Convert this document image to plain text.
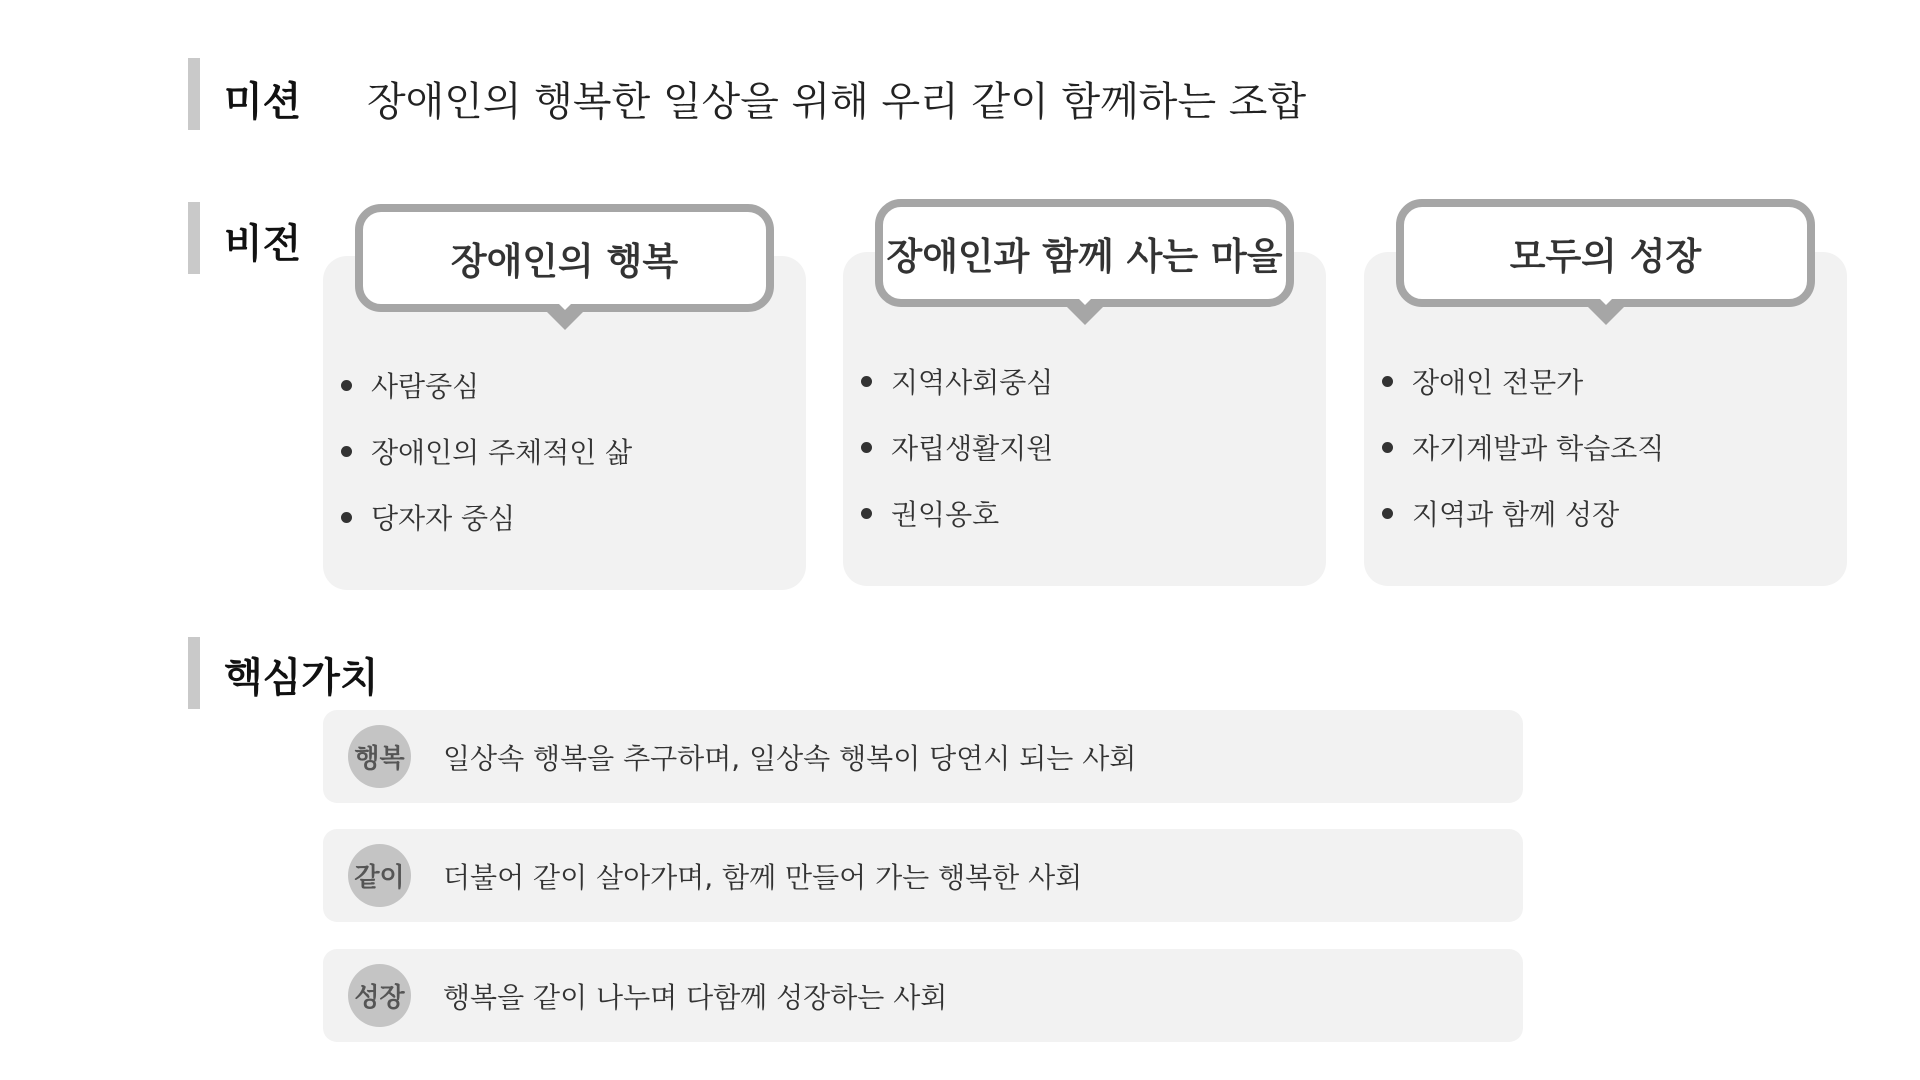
미션 장애인의 행복한 일상을 위해 우리 같이 함께하는 조합
비전
사람중심
장애인의 주체적인 삶
당자자 중심
장애인의 행복
지역사회중심
자립생활지원
권익옹호
장애인과 함께 사는 마을
장애인 전문가
자기계발과 학습조직
지역과 함께 성장
모두의 성장
핵심가치
행복 일상속 행복을 추구하며, 일상속 행복이 당연시 되는 사회
같이 더불어 같이 살아가며, 함께 만들어 가는 행복한 사회
성장 행복을 같이 나누며 다함께 성장하는 사회
